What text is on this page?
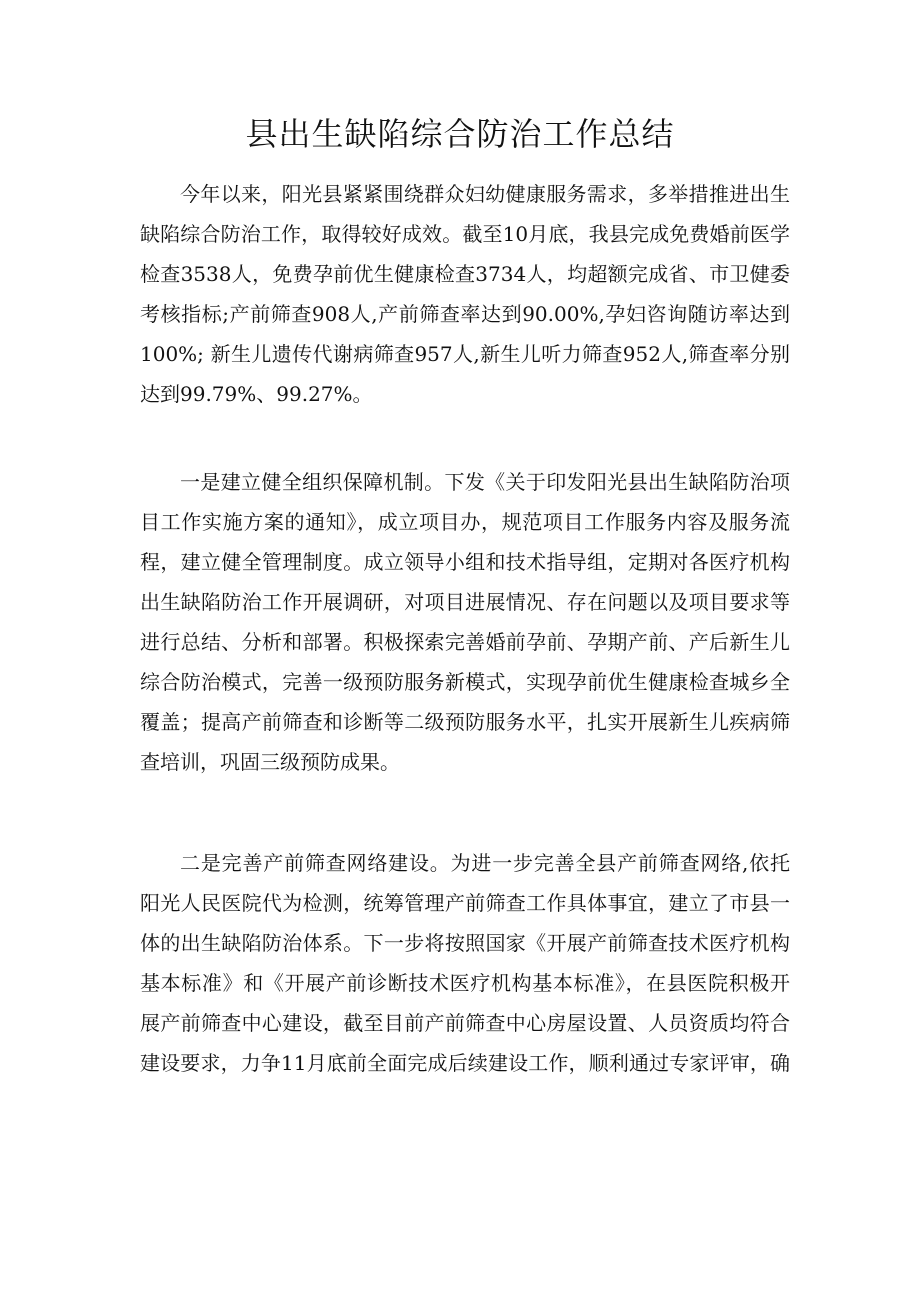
县出生缺陷综合防治工作总结
今年以来，阳光县紧紧围绕群众妇幼健康服务需求，多举措推进出生
缺陷综合防治工作，取得较好成效。截至10月底，我县完成免费婚前医学
检查3538人，免费孕前优生健康检查3734人，均超额完成省、市卫健委
考核指标;产前筛查908人,产前筛查率达到90.00%,孕妇咨询随访率达到
100%; 新生儿遗传代谢病筛查957人,新生儿听力筛查952人,筛查率分别
达到99.79%、99.27%。
一是建立健全组织保障机制。下发《关于印发阳光县出生缺陷防治项
目工作实施方案的通知》，成立项目办，规范项目工作服务内容及服务流
程，建立健全管理制度。成立领导小组和技术指导组，定期对各医疗机构
出生缺陷防治工作开展调研，对项目进展情况、存在问题以及项目要求等
进行总结、分析和部署。积极探索完善婚前孕前、孕期产前、产后新生儿
综合防治模式，完善一级预防服务新模式，实现孕前优生健康检查城乡全
覆盖；提高产前筛查和诊断等二级预防服务水平，扎实开展新生儿疾病筛
查培训，巩固三级预防成果。
二是完善产前筛查网络建设。为进一步完善全县产前筛查网络,依托
阳光人民医院代为检测，统筹管理产前筛查工作具体事宜，建立了市县一
体的出生缺陷防治体系。下一步将按照国家《开展产前筛查技术医疗机构
基本标准》和《开展产前诊断技术医疗机构基本标准》，在县医院积极开
展产前筛查中心建设，截至目前产前筛查中心房屋设置、人员资质均符合
建设要求，力争11月底前全面完成后续建设工作，顺利通过专家评审，确
